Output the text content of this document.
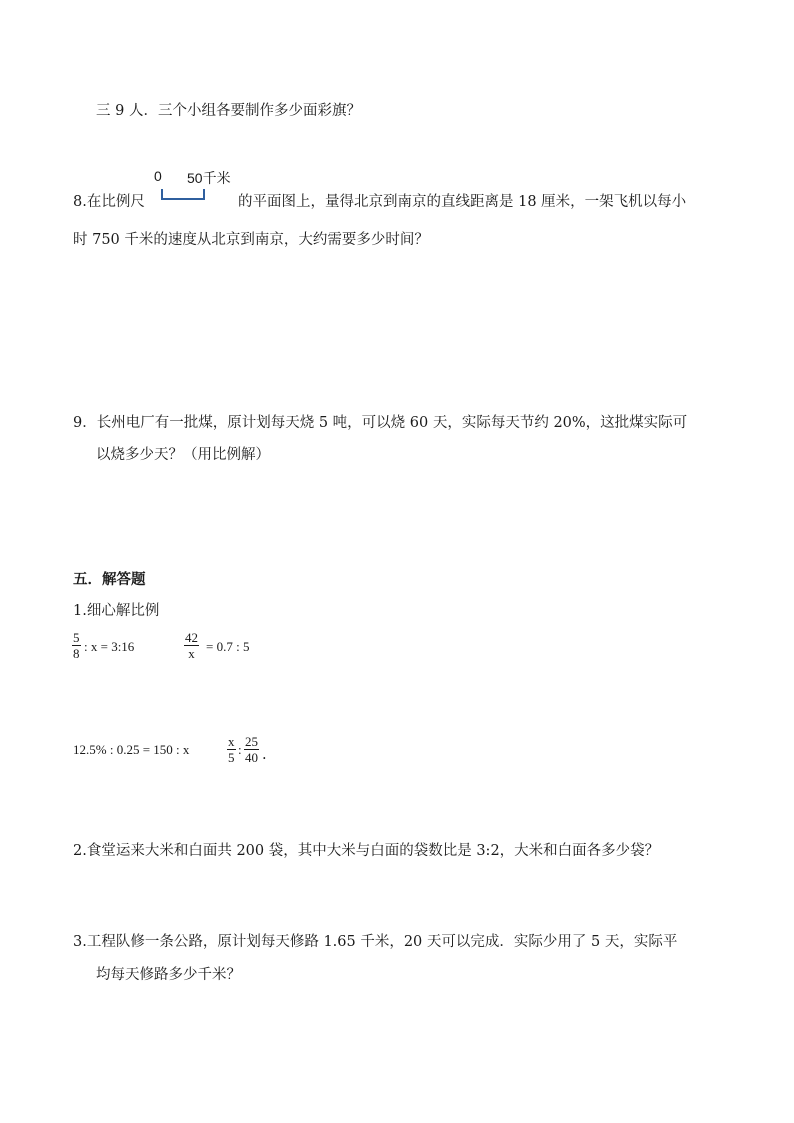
三 9 人．三个小组各要制作多少面彩旗？
0 50千米
8.在比例尺	的平面图上，量得北京到南京的直线距离是 18 厘米，一架飞机以每小
时 750 千米的速度从北京到南京，大约需要多少时间？
9．长州电厂有一批煤，原计划每天烧 5 吨，可以烧 60 天，实际每天节约 20%，这批煤实际可
以烧多少天？（用比例解）
五．解答题
1.细心解比例
$\frac{5}{8}$ : x = 3:16	$\frac{42}{x} = 0.7$ : 5
12.5% : 0.25 = 150 : x	$\frac{x}{5}$ : $\frac{25}{40}$ .
2.食堂运来大米和白面共 200 袋，其中大米与白面的袋数比是 3:2，大米和白面各多少袋？
3.工程队修一条公路，原计划每天修路 1.65 千米，20 天可以完成．实际少用了 5 天，实际平
均每天修路多少千米？
